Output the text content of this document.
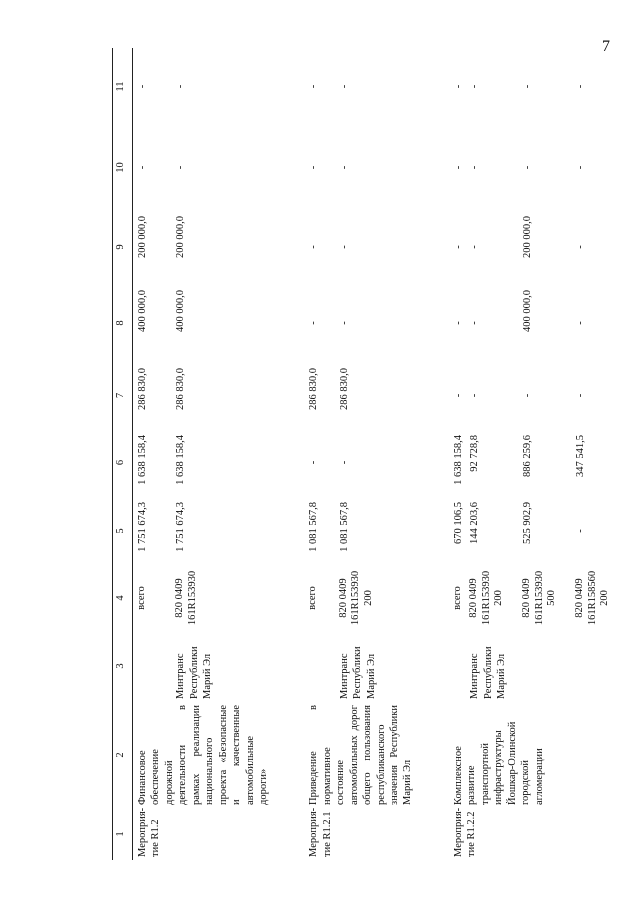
7
1	2	3	4	5	6	7	8	9	10	11
Мероприя-тие R1.2	Финансовое обеспечение дорожной деятельности в рамках реализации национального проекта «Безопасные и качественные автомобильные дороги»		всего	1 751 674,3	1 638 158,4	286 830,0	400 000,0	200 000,0	-	-
		Минтранс Республики Марий Эл	820 0409 161R153930	1 751 674,3	1 638 158,4	286 830,0	400 000,0	200 000,0	-	-

Мероприя-тие R1.2.1	Приведение в нормативное состояние автомобильных дорог общего пользования республиканского значения Республики Марий Эл		всего	1 081 567,8	-	286 830,0	-	-	-	-
		Минтранс Республики Марий Эл	820 0409 161R153930 200	1 081 567,8	-	286 830,0	-	-	-	-

Мероприя-тие R1.2.2	Комплексное развитие транспортной инфраструктуры Йошкар-Олинской городской агломерации		всего	670 106,5	1 638 158,4	-	-	-	-	-
		Минтранс Республики Марий Эл	820 0409 161R153930 200	144 203,6	92 728,8	-	-	-	-	-

			820 0409 161R153930 500	525 902,9	886 259,6	-	400 000,0	200 000,0	-	-

			820 0409 161R158560 200	-	347 541,5	-	-	-	-	-
